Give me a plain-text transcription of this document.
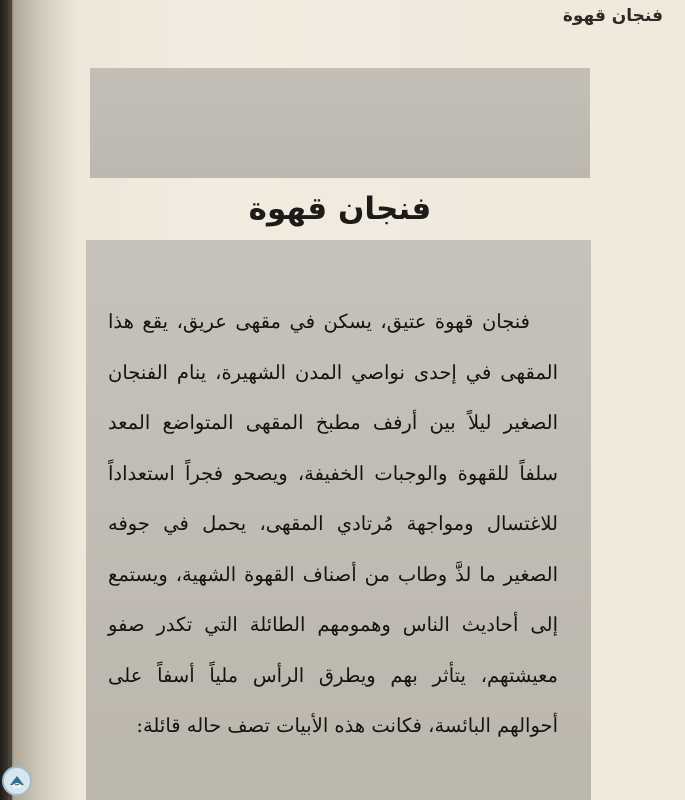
فنجان قهوة
فنجان قهوة

فنجان قهوة عتيق، يسكن في مقهى عريق، يقع هذا المقهى في إحدى نواصي المدن الشهيرة، ينام الفنجان الصغير ليلاً بين أرفف مطبخ المقهى المتواضع المعد سلفاً للقهوة والوجبات الخفيفة، ويصحو فجراً استعداداً للاغتسال ومواجهة مُرتادي المقهى، يحمل في جوفه الصغير ما لذَّ وطاب من أصناف القهوة الشهية، ويستمع إلى أحاديث الناس وهمومهم الطائلة التي تكدر صفو معيشتهم، يتأثر بهم ويطرق الرأس ملياً أسفاً على أحوالهم البائسة، فكانت هذه الأبيات تصف حاله قائلة:
